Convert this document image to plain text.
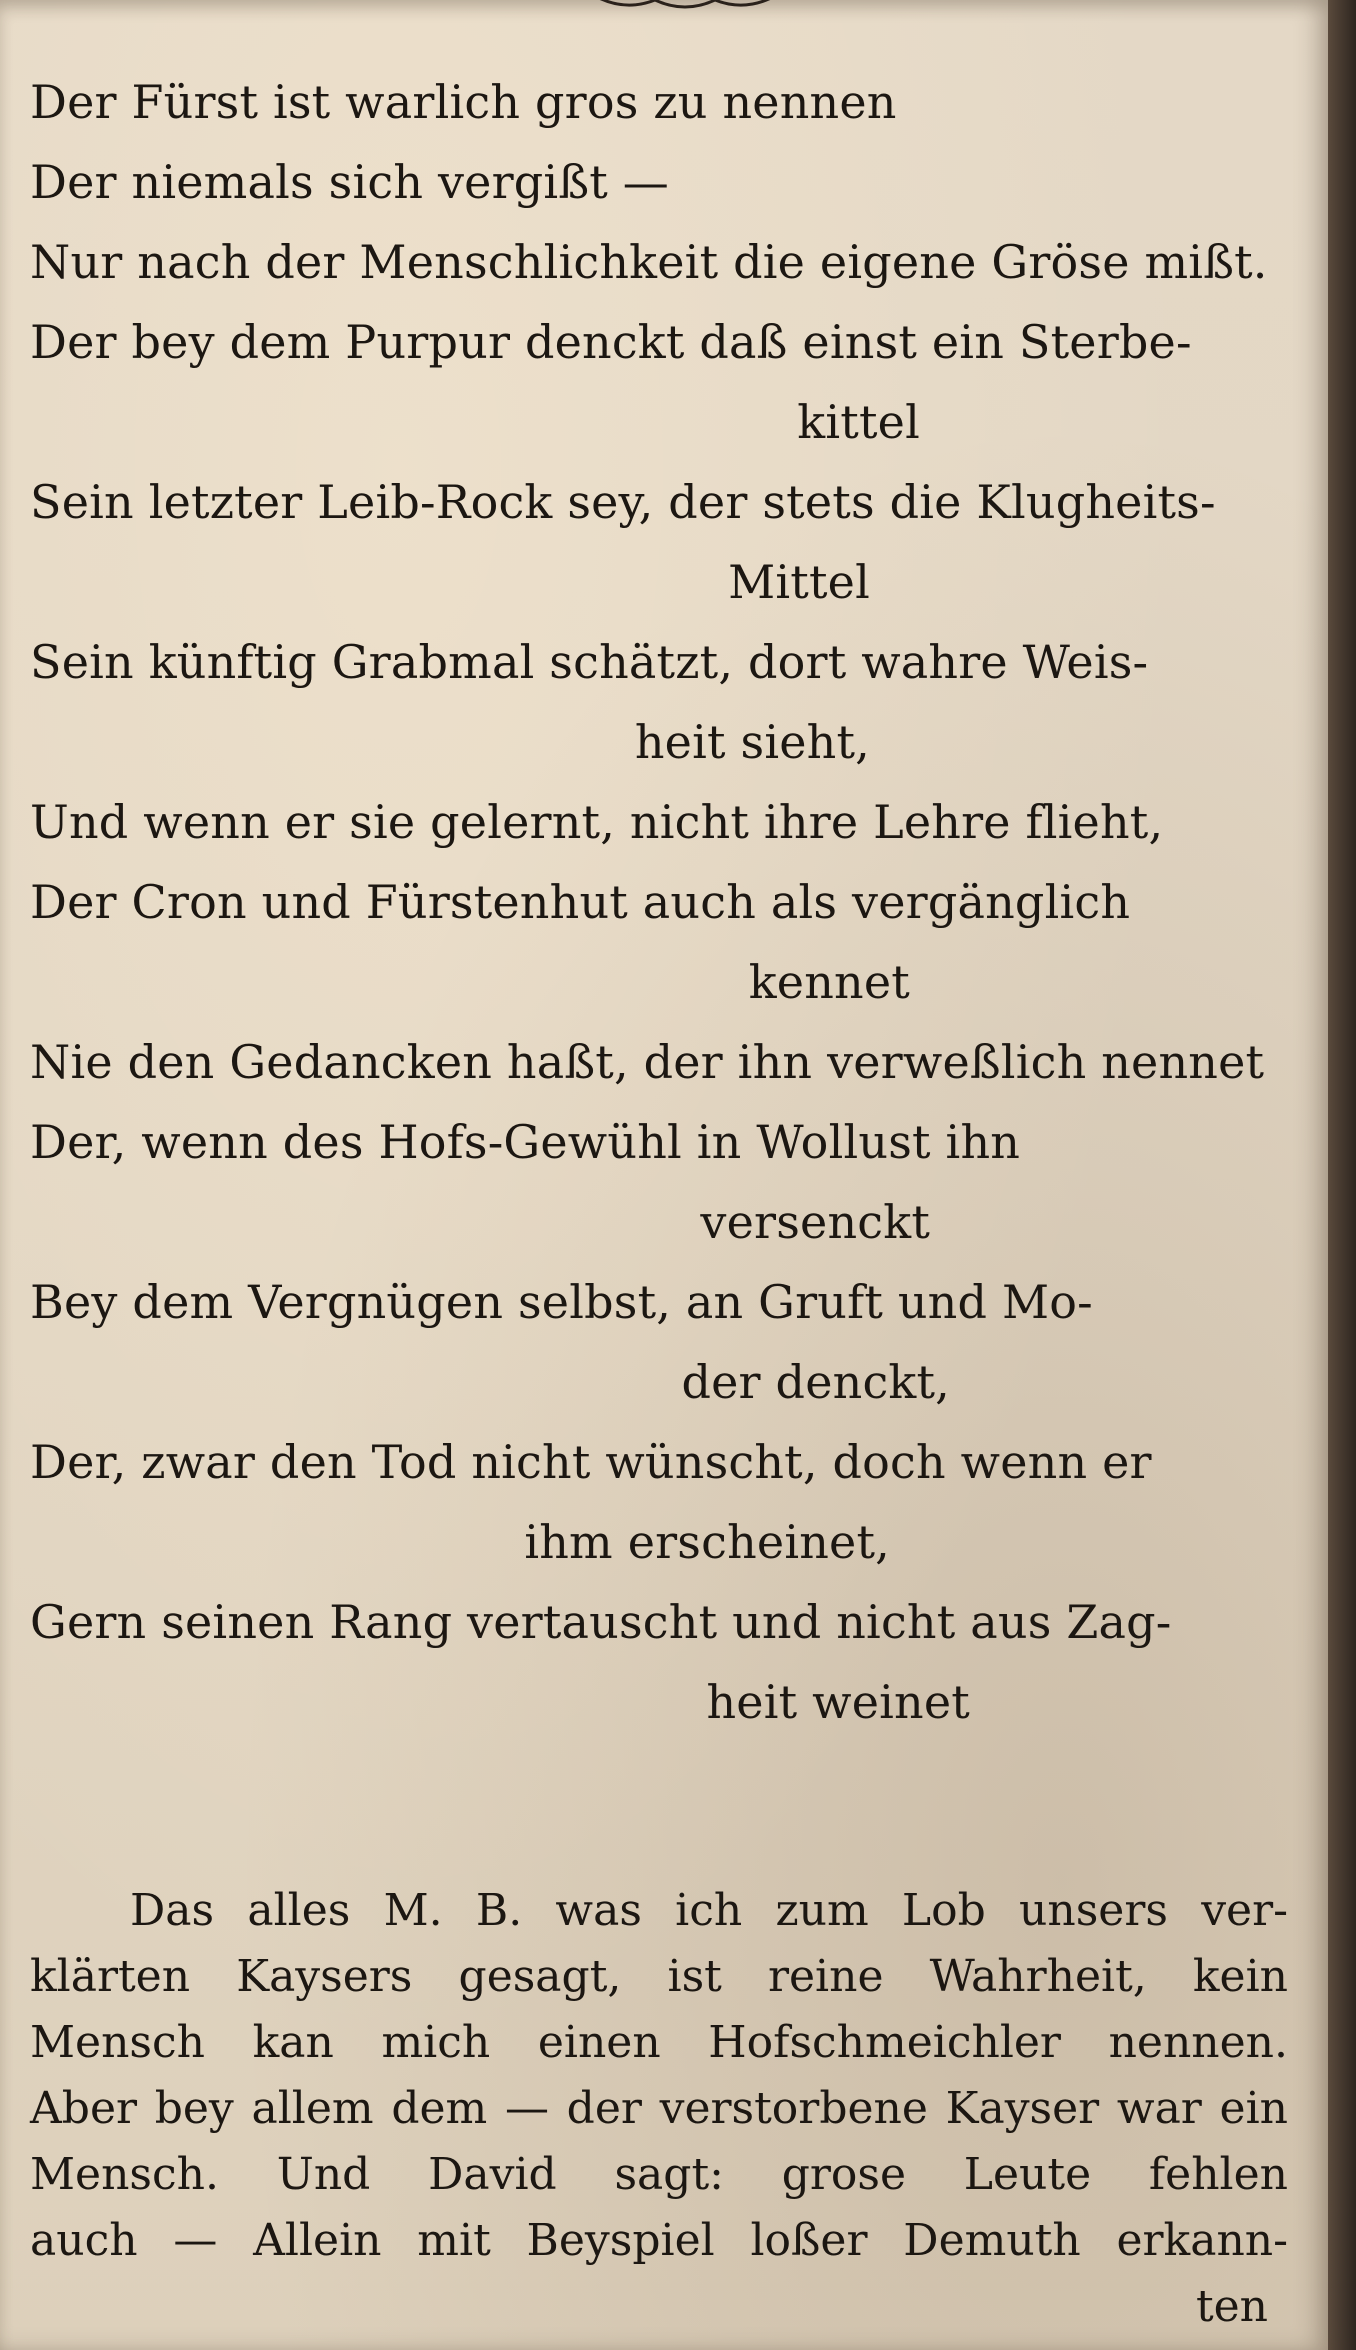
Der Fürst ist warlich gros zu nennen
Der niemals sich vergißt —
Nur nach der Menschlichkeit die eigene Gröse mißt.
Der bey dem Purpur denckt daß einst ein Sterbe-
kittel
Sein letzter Leib-Rock sey, der stets die Klugheits-
Mittel
Sein künftig Grabmal schätzt, dort wahre Weis-
heit sieht,
Und wenn er sie gelernt, nicht ihre Lehre flieht,
Der Cron und Fürstenhut auch als vergänglich
kennet
Nie den Gedancken haßt, der ihn verweßlich nennet
Der, wenn des Hofs-Gewühl in Wollust ihn
versenckt
Bey dem Vergnügen selbst, an Gruft und Mo-
der denckt,
Der, zwar den Tod nicht wünscht, doch wenn er
ihm erscheinet,
Gern seinen Rang vertauscht und nicht aus Zag-
heit weinet
Das alles M. B. was ich zum Lob unsers ver-
klärten Kaysers gesagt, ist reine Wahrheit, kein
Mensch kan mich einen Hofschmeichler nennen.
Aber bey allem dem — der verstorbene Kayser war ein
Mensch. Und David sagt: grose Leute fehlen
auch — Allein mit Beyspiel loßer Demuth erkann-
ten
